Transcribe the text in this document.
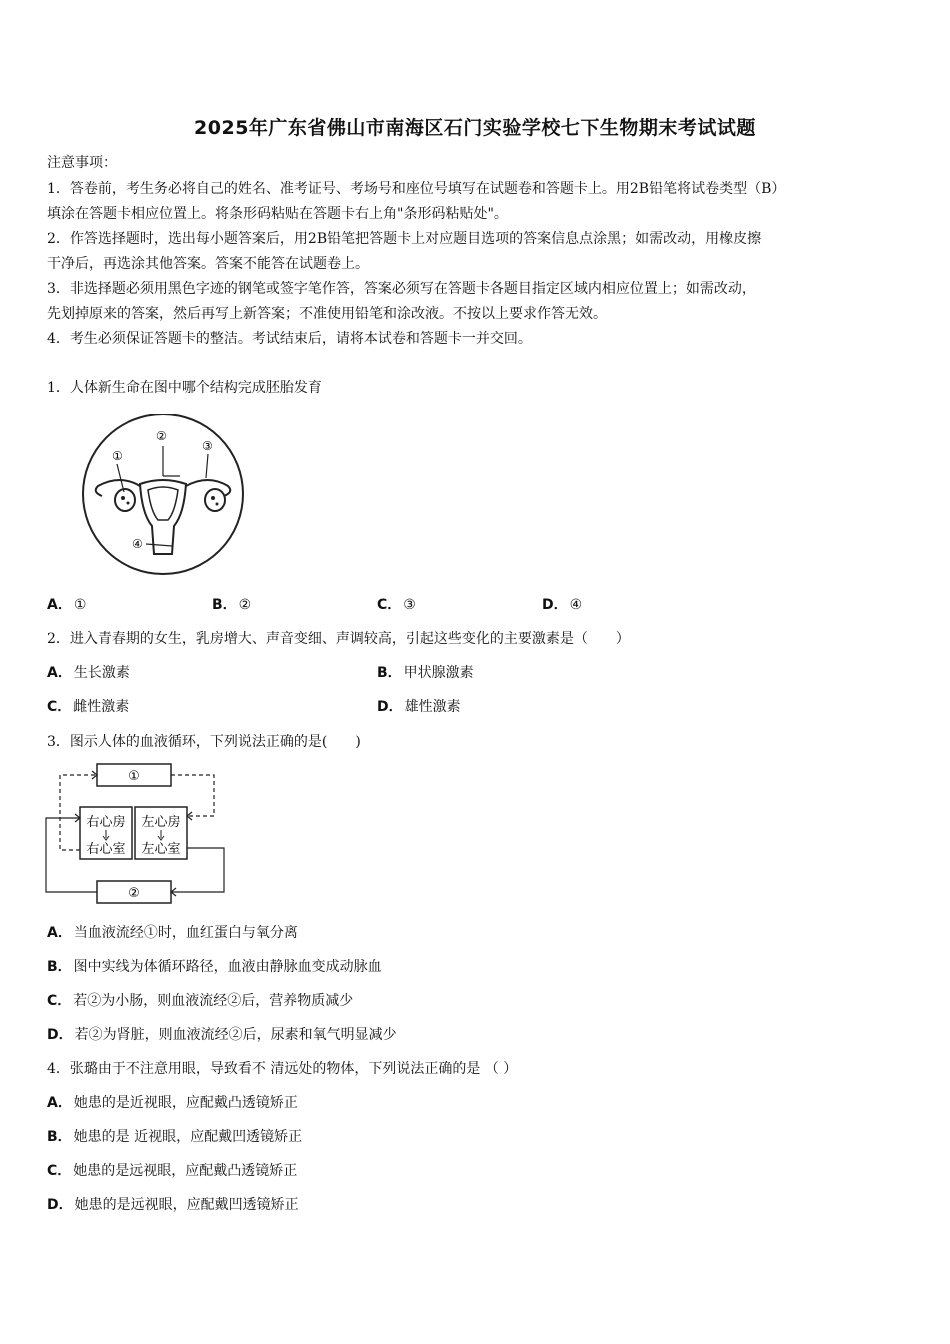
2025年广东省佛山市南海区石门实验学校七下生物期末考试试题
注意事项：
1．答卷前，考生务必将自己的姓名、准考证号、考场号和座位号填写在试题卷和答题卡上。用2B铅笔将试卷类型（B）
填涂在答题卡相应位置上。将条形码粘贴在答题卡右上角"条形码粘贴处"。
2．作答选择题时，选出每小题答案后，用2B铅笔把答题卡上对应题目选项的答案信息点涂黑；如需改动，用橡皮擦
干净后，再选涂其他答案。答案不能答在试题卷上。
3．非选择题必须用黑色字迹的钢笔或签字笔作答，答案必须写在答题卡各题目指定区域内相应位置上；如需改动，
先划掉原来的答案，然后再写上新答案；不准使用铅笔和涂改液。不按以上要求作答无效。
4．考生必须保证答题卡的整洁。考试结束后，请将本试卷和答题卡一并交回。
1．人体新生命在图中哪个结构完成胚胎发育
①
②
③
④
A． ①	B． ②	C． ③	D． ④
2．进入青春期的女生，乳房增大、声音变细、声调较高，引起这些变化的主要激素是（　　）
A． 生长激素	B． 甲状腺激素
C． 雌性激素	D． 雄性激素
3．图示人体的血液循环，下列说法正确的是(　　)
①
②
右心房
右心室
左心房
左心室
A． 当血液流经①时，血红蛋白与氧分离
B． 图中实线为体循环路径，血液由静脉血变成动脉血
C． 若②为小肠，则血液流经②后，营养物质减少
D． 若②为肾脏，则血液流经②后，尿素和氧气明显减少
4．张璐由于不注意用眼，导致看不 清远处的物体，下列说法正确的是 （ ）
A． 她患的是近视眼，应配戴凸透镜矫正
B． 她患的是 近视眼，应配戴凹透镜矫正
C． 她患的是远视眼，应配戴凸透镜矫正
D． 她患的是远视眼，应配戴凹透镜矫正
